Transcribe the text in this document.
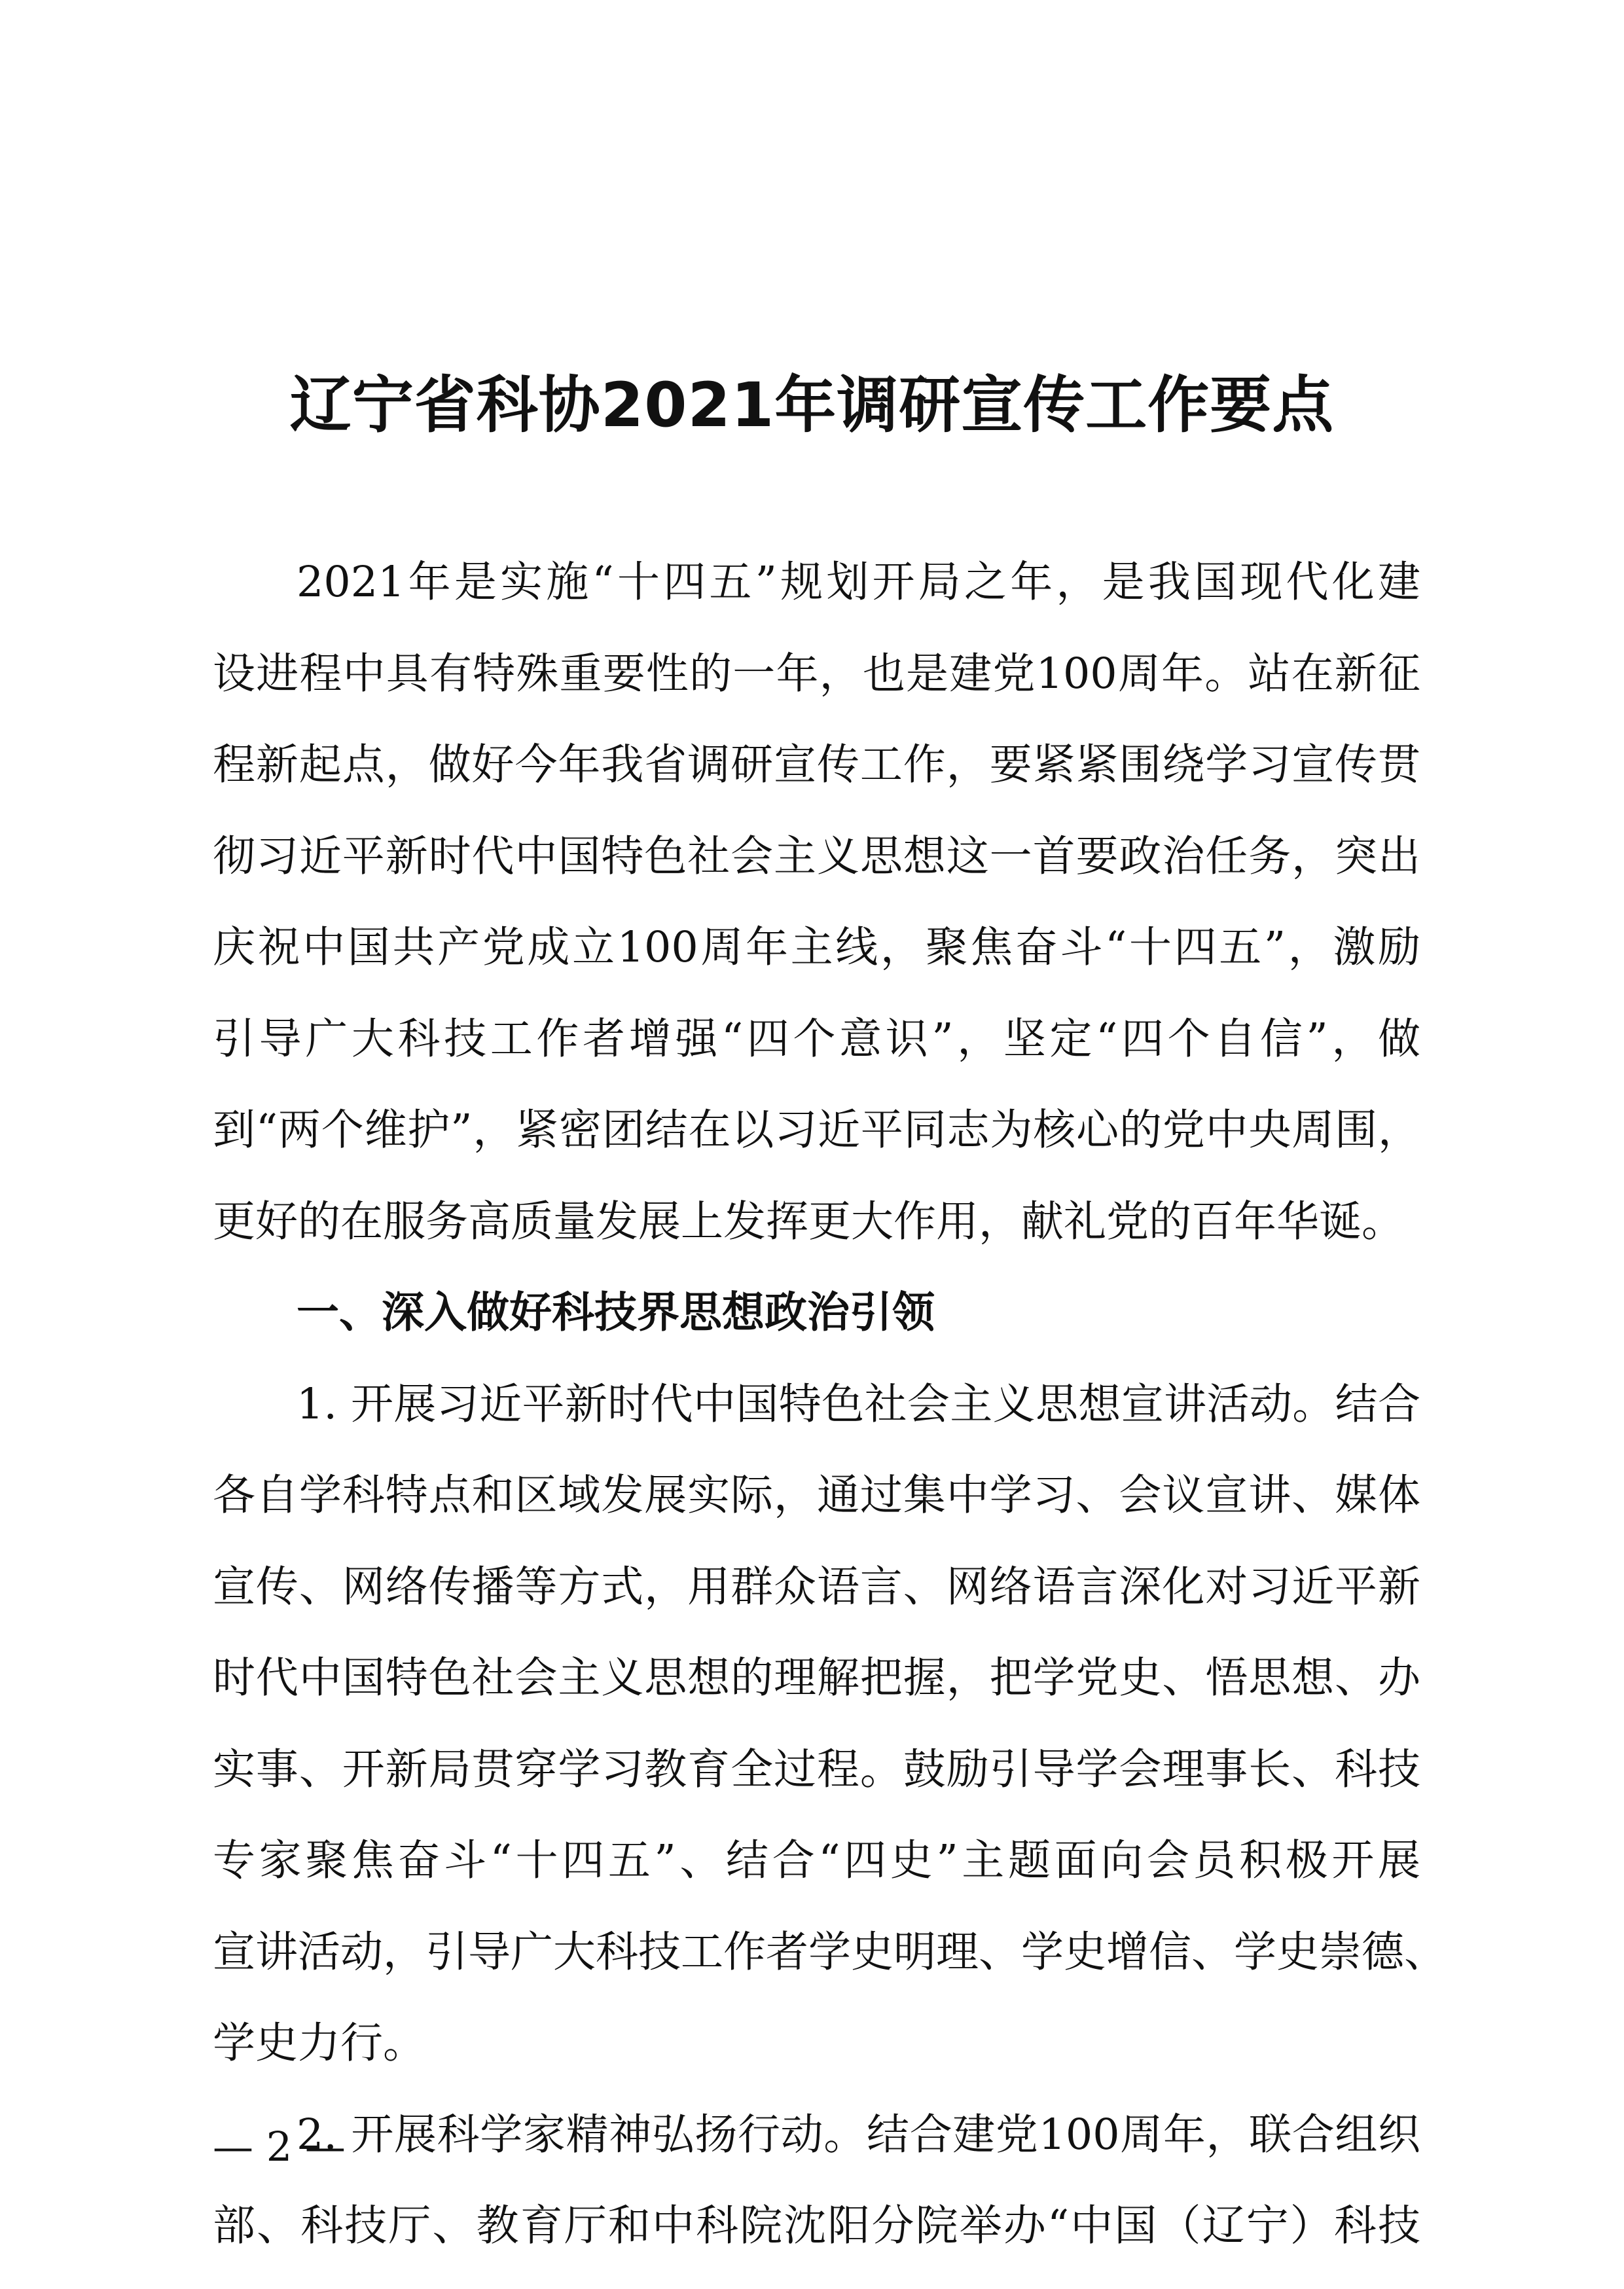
辽宁省科协2021年调研宣传工作要点
2021年是实施“十四五”规划开局之年，是我国现代化建
设进程中具有特殊重要性的一年，也是建党100周年。站在新征
程新起点，做好今年我省调研宣传工作，要紧紧围绕学习宣传贯
彻习近平新时代中国特色社会主义思想这一首要政治任务，突出
庆祝中国共产党成立100周年主线，聚焦奋斗“十四五”，激励
引导广大科技工作者增强“四个意识”，坚定“四个自信”，做
到“两个维护”，紧密团结在以习近平同志为核心的党中央周围，
更好的在服务高质量发展上发挥更大作用，献礼党的百年华诞。
一、深入做好科技界思想政治引领
1. 开展习近平新时代中国特色社会主义思想宣讲活动。结合
各自学科特点和区域发展实际，通过集中学习、会议宣讲、媒体
宣传、网络传播等方式，用群众语言、网络语言深化对习近平新
时代中国特色社会主义思想的理解把握，把学党史、悟思想、办
实事、开新局贯穿学习教育全过程。鼓励引导学会理事长、科技
专家聚焦奋斗“十四五”、结合“四史”主题面向会员积极开展
宣讲活动，引导广大科技工作者学史明理、学史增信、学史崇德、
学史力行。
2. 开展科学家精神弘扬行动。结合建党100周年，联合组织
部、科技厅、教育厅和中科院沈阳分院举办“中国（辽宁）科技
— 2 —
